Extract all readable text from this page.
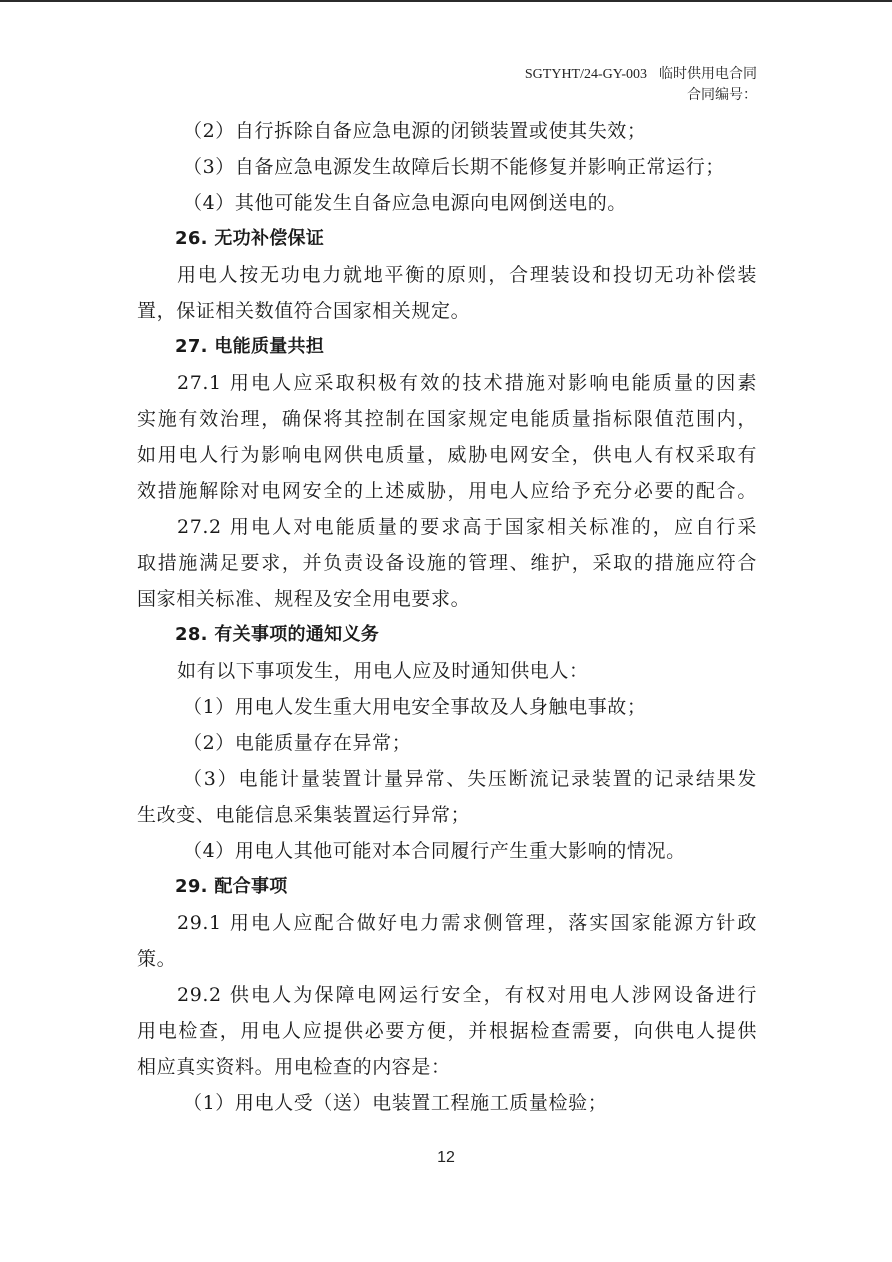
SGTYHT/24-GY-003 临时供用电合同
合同编号：
（2）自行拆除自备应急电源的闭锁装置或使其失效；
（3）自备应急电源发生故障后长期不能修复并影响正常运行；
（4）其他可能发生自备应急电源向电网倒送电的。
26. 无功补偿保证
用电人按无功电力就地平衡的原则，合理装设和投切无功补偿装
置，保证相关数值符合国家相关规定。
27. 电能质量共担
27.1 用电人应采取积极有效的技术措施对影响电能质量的因素
实施有效治理，确保将其控制在国家规定电能质量指标限值范围内，
如用电人行为影响电网供电质量，威胁电网安全，供电人有权采取有
效措施解除对电网安全的上述威胁，用电人应给予充分必要的配合。
27.2 用电人对电能质量的要求高于国家相关标准的，应自行采
取措施满足要求，并负责设备设施的管理、维护，采取的措施应符合
国家相关标准、规程及安全用电要求。
28. 有关事项的通知义务
如有以下事项发生，用电人应及时通知供电人：
（1）用电人发生重大用电安全事故及人身触电事故；
（2）电能质量存在异常；
（3）电能计量装置计量异常、失压断流记录装置的记录结果发
生改变、电能信息采集装置运行异常；
（4）用电人其他可能对本合同履行产生重大影响的情况。
29. 配合事项
29.1 用电人应配合做好电力需求侧管理，落实国家能源方针政
策。
29.2 供电人为保障电网运行安全，有权对用电人涉网设备进行
用电检查，用电人应提供必要方便，并根据检查需要，向供电人提供
相应真实资料。用电检查的内容是：
（1）用电人受（送）电装置工程施工质量检验；
12
